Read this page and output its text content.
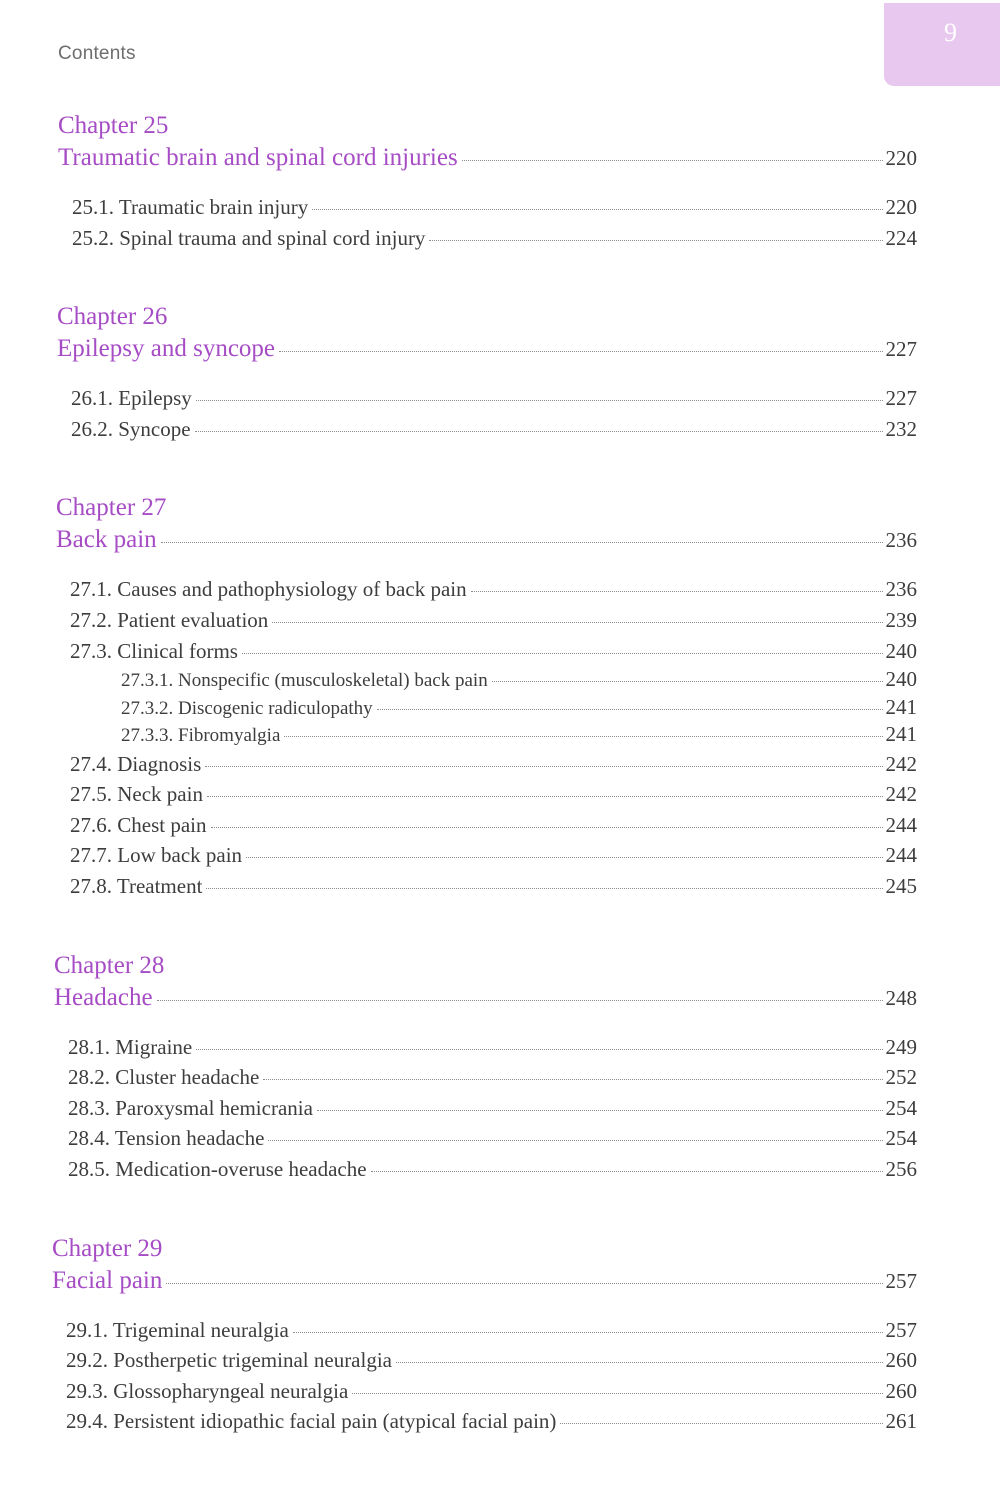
Contents
9
Chapter 25
Traumatic brain and spinal cord injuries	220
25.1. Traumatic brain injury	220
25.2. Spinal trauma and spinal cord injury	224
Chapter 26
Epilepsy and syncope	227
26.1. Epilepsy	227
26.2. Syncope	232
Chapter 27
Back pain	236
27.1. Causes and pathophysiology of back pain	236
27.2. Patient evaluation	239
27.3. Clinical forms	240
27.3.1. Nonspecific (musculoskeletal) back pain	240
27.3.2. Discogenic radiculopathy	241
27.3.3. Fibromyalgia	241
27.4. Diagnosis	242
27.5. Neck pain	242
27.6. Chest pain	244
27.7. Low back pain	244
27.8. Treatment	245
Chapter 28
Headache	248
28.1. Migraine	249
28.2. Cluster headache	252
28.3. Paroxysmal hemicrania	254
28.4. Tension headache	254
28.5. Medication-overuse headache	256
Chapter 29
Facial pain	257
29.1. Trigeminal neuralgia	257
29.2. Postherpetic trigeminal neuralgia	260
29.3. Glossopharyngeal neuralgia	260
29.4. Persistent idiopathic facial pain (atypical facial pain)	261
